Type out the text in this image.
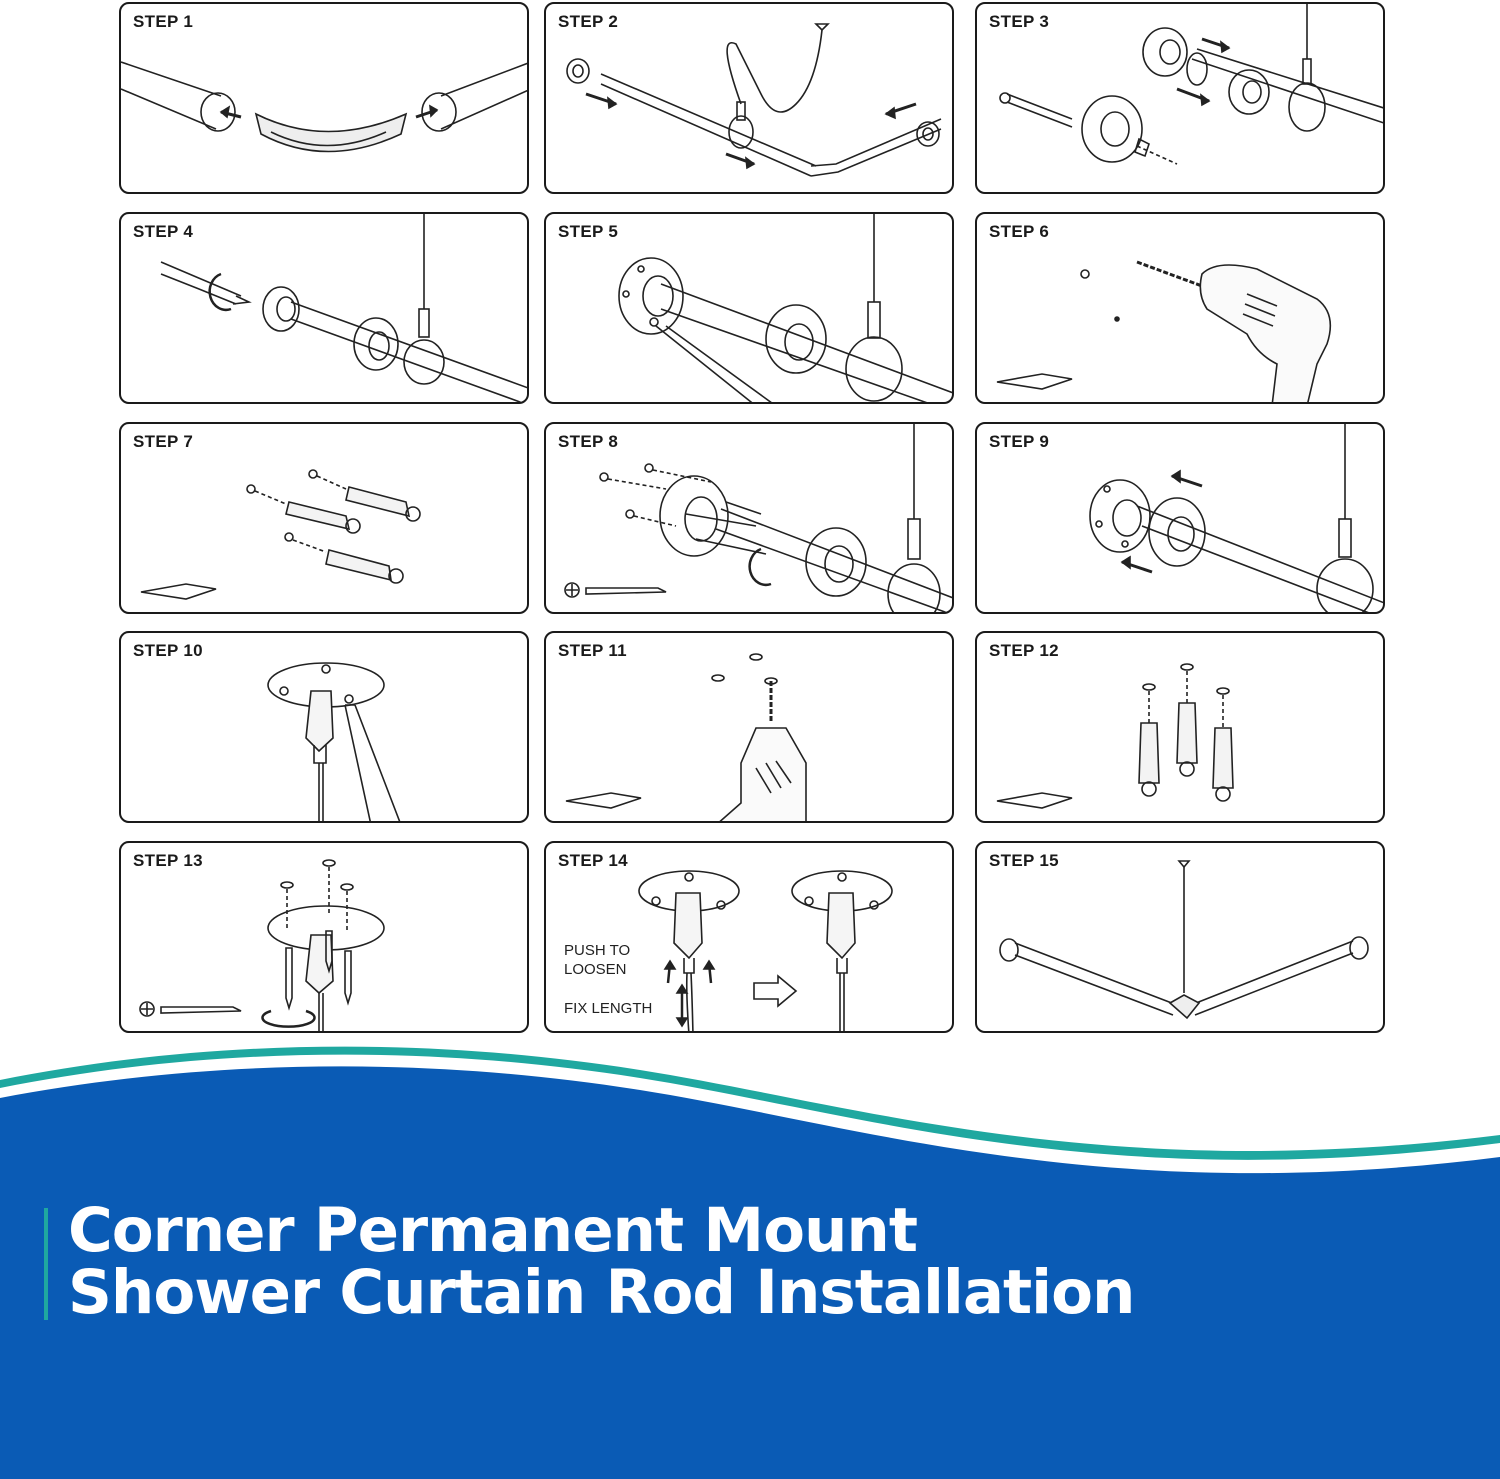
STEP 1	STEP 2	STEP 3
STEP 4	STEP 5	STEP 6
STEP 7	STEP 8	STEP 9
STEP 10	STEP 11	STEP 12
STEP 13	STEP 14
PUSH TO
LOOSEN
FIX LENGTH
STEP 15
Corner Permanent Mount
Shower Curtain Rod Installation
